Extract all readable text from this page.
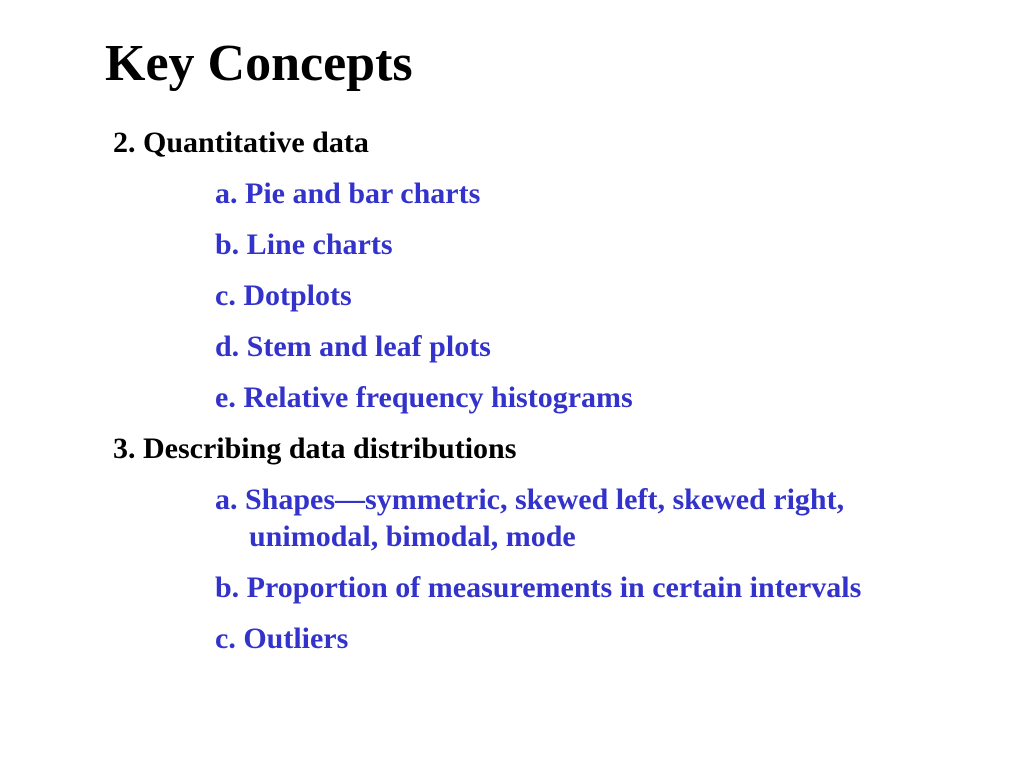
Key Concepts
2. Quantitative data
a. Pie and bar charts
b. Line charts
c. Dotplots
d. Stem and leaf plots
e. Relative frequency histograms
3. Describing data distributions
a. Shapes—symmetric, skewed left, skewed right,
unimodal, bimodal, mode
b. Proportion of measurements in certain intervals
c. Outliers
